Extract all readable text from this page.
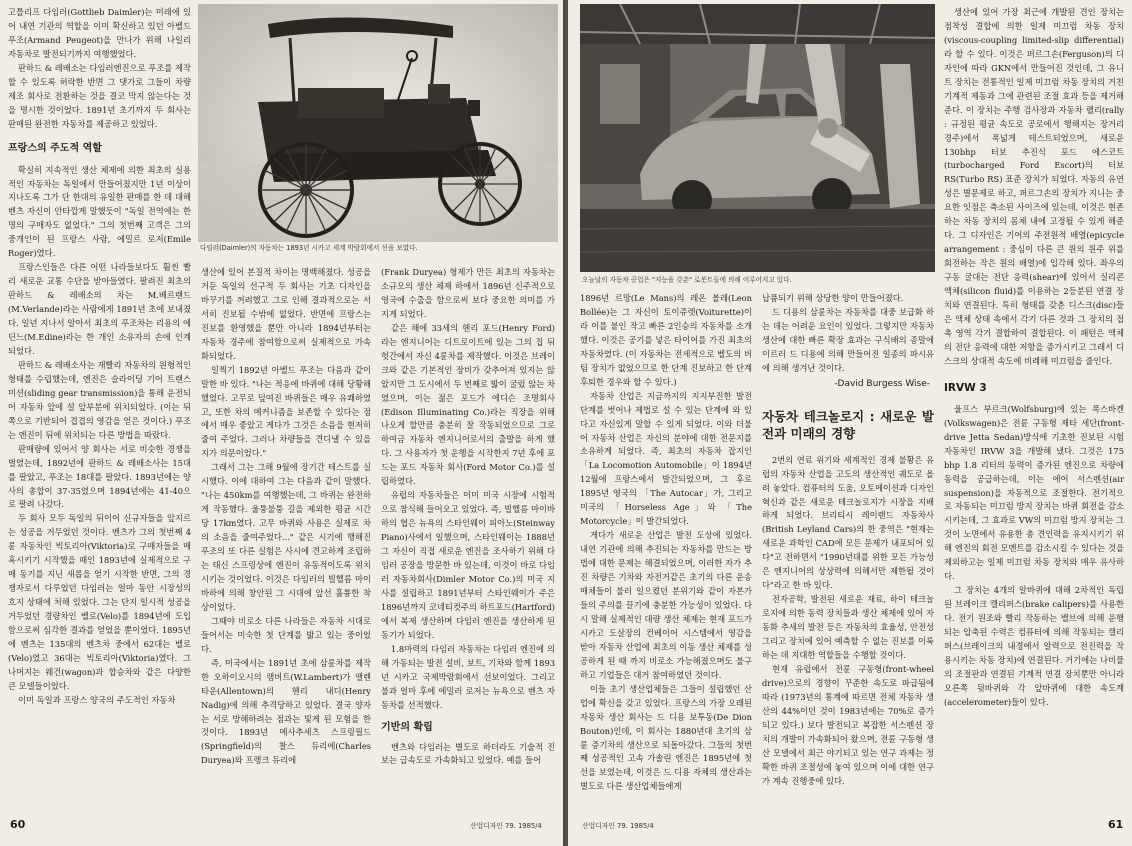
고틀리프 다임러(Gottlieb Daimler)는 미래에 있어 내연 기관의 역할을 이미 확신하고 있던 아벨드 푸조(Armand Peugeot)을 만나가 위해 나일리 자동차로 발전되기까지 여행했었다.

판하드 & 레배소는 다임러엔진으로 푸조를 제작할 수 있도록 허락한 반면 그 댓가로 그들이 차량 제조 회사로 전환하는 것을 결코 막지 않는다는 것을 명시한 것이었다. 1891년 초기까지 두 회사는 판매된 완전한 자동차를 제공하고 있었다.

프랑스의 주도적 역할

확실히 지속적인 생산 체제에 의한 최초의 실용적인 자동차는 독일에서 만들어졌지만 1년 이상이 지나도록 그가 단 한대의 유일한 판매를 한 데 대해 벤츠 자신이 안타깝게 말했듯이 "독일 전역에는 한 명의 구매자도 없었다." 그의 첫번째 고객은 그의 중개인이 된 프랑스 사람, 에밀르 로저(Emile Roger)였다.

프랑스인들은 다른 어떤 나라들보다도 훨씬 빨리 새로운 교통 수단을 받아들였다. 팔려진 최초의 판하드 & 레배소의 차는 M.베르랜드(M.Verlande)라는 사람에게 1891년 초에 보내졌다. 일년 지나서 알아서 최초의 푸조차는 리용의 에딘느(M.Edine)라는 한 개인 소유자의 손에 인계되었다.

판하드 & 레배소사는 재빨리 자동차의 원형적인 형태를 수립했는데, 엔진은 슬라이딩 기어 트랜스미션(sliding gear transmission)을 통해 운전되어 자동차 앞에 설 앞부분에 위치되었다. (이는 뒤쪽으로 기반되어 겹겹의 영감을 얻은 것이다.) 푸조는 엔진이 뒤에 위치되는 다른 방법을 따랐다.

판매량에 있어서 양 회사는 서로 비슷한 경쟁을 벌였는데, 1892년에 판하드 & 레배소사는 15대를 팔았고, 푸조는 18대를 팔았다. 1893년에는 양사의 총합이 37-35였으며 1894년에는 41-40으로 팔려 나갔다.

두 회사 모두 독일의 뒤이어 신규자들을 앞지르는 성공을 거두었던 것이다. 벤츠가 그의 첫번째 4륜 자동차인 빅토리아(Viktoria)로 구매자들을 매혹시키기 시작했을 때인 1893년에 실제적으로 구매 동기를 지닌 새롭을 얻기 시작한 반면, 그의 경쟁자로서 다루었던 다임러는 얼마 동안 시장성의 흐지 상태에 처해 있었다. 그는 단지 일시적 성공을 거두었던 경량차인 벨로(Velo)를 1894년에 도입함으로써 심각한 결과를 얻었을 뿐이었다. 1895년에 벤츠는 135대의 벤츠차 중에서 62대는 벨로(Velo)였고 36대는 빅토리아(Viktoria)였다. 그 나머지는 웨건(wagon)과 합승차와 같은 다양한 큰 모델들이었다.

이미 독일과 프랑스 양국의 주도적인 자동차

다임러(Daimler)의 자동차는 1893년 시카고 세계 박람회에서 선을 보였다.

생산에 있어 본질적 차이는 명백해졌다. 성공을 거둔 독일의 선구적 두 회사는 기초 디자인을 바꾸기를 꺼려했고 그로 인해 결과적으로는 서서히 진보될 수밖에 없었다. 반면에 프랑스는 진보를 환영했을 뿐만 아니라 1894년부터는 자동차 경주에 참여함으로써 실제적으로 가속화되었다.

일찍기 1892년 아벨드 푸조는 다음과 같이 말한 바 있다. "나는 적응에 바퀴에 대해 당황해 했었다. 고무로 덮여진 바퀴들은 매우 유쾌하였고, 또한 차의 메커니즘을 보존할 수 있다는 점에서 매우 좋았고 게다가 그것은 소음을 현저히 줄여 주었다. 그러나 차량들을 견디낼 수 있을지가 의문이었다."

그래서 그는 그해 9월에 장기간 테스트를 실시했다. 이에 대하여 그는 다음과 같이 말했다. "나는 450km를 여행했는데, 그 바퀴는 완전하게 작동했다. 울퉁불퉁 길을 제외한 평균 시간당 17km였다. 고무 바퀴와 사용은 실제로 차의 소음을 줄여주었다..." 같은 시기에 행해진 푸조의 또 다른 실험은 사시에 견고하게 조립하는 태신 스프링상에 엔진이 유동적이도록 위치시키는 것이었다. 이것은 다임러의 빌헬름 마이바하에 의해 창안된 그 시대에 앞선 훌륭한 착상이었다.

그때야 비로소 다른 나라들은 자동차 시대로 들어서는 미숙한 첫 단계를 밟고 있는 중이었다.

즉, 미국에서는 1891년 초에 삼륜차를 제작한 오하이오시의 램버트(W.Lambert)가 앨렌타운(Allentown)의 헨리 내디(Henry Nadig)에 의해 추격당하고 있었다. 결국 양자는 서로 방해하려는 점과는 빛게 된 모험을 한 것이다. 1893년 메사추세츠 스프링필드(Springfield)의 찰스 듀리에(Charles Duryea)와 프랭크 듀리에

(Frank Duryea) 형제가 만든 최초의 자동차는 소규모의 생산 체제 하에서 1896년 신주적으로 영국에 수출을 함으로써 보다 중요한 의미를 가지게 되었다.

같은 해에 33세의 헨리 포드(Henry Ford)라는 엔지니어는 디트로이트에 있는 그의 집 뒤 헛간에서 자신 4륜차를 제작했다. 이것은 브레이크와 같은 기본적인 장비가 갖추어져 있지는 않았지만 그 도시에서 두 번째로 밟이 굴렀 않는 차였으며, 이는 젊은 포드가 에디슨 조명회사(Edison Illuminating Co.)라는 직장을 위해 나오게 할만큼 충분히 잘 작동되었으므로 그로 하여금 자동차 엔지니어로서의 출발을 하게 했다. 그 사용자가 첫 운행을 시작한지 7년 후에 포드는 포드 자동차 회사(Ford Motor Co.)를 설립하였다.

유럽의 자동차들은 이미 미국 시장에 시험적으로 참식해 들어오고 있었다. 즉, 빌헬름 마이바하의 협은 뉴욕의 스타인웨이 피아노(Steinway Piano)사에서 일했으며, 스타인웨이는 1888년 그 자신이 직접 새로운 엔진을 조사하기 위해 다임러 공장을 방문한 바 있는데, 이것이 바로 다임러 자동차회사(Dimler Motor Co.)의 미국 지사를 설립하고 1891년부터 스타인웨이가 주은 1896년까지 코네티컷주의 하트포드(Hartford)에서 복제 생산하며 다임러 엔진을 생산하게 된 동기가 되었다.

1.8마력의 다임러 자동차는 다임러 엔진에 의해 가동되는 발전 설비, 보트, 기차와 함께 1893년 시카고 국제박람회에서 선보이었다. 그리고 불과 얼마 후에 에밀러 로저는 뉴욕으로 벤츠 자동차를 선적했다.

기반의 확립

벤츠와 다임러는 별도로 하더라도 기술적 진보는 급속도로 가속화되고 있었다. 예를 들어

60	산업디자인 79. 1985/4
오늘날의 자동차 공업은 "지능을 갖춘" 로봇트들에 의해 이루어지고 있다.

1896년 르망(Le Mans)의 레온 볼레(Leon Bollée)는 그 자신이 토이쥬렛(Voiturette)이라 이를 붙인 작고 빠른 2인승의 자동차를 소개했다. 이것은 공기를 넣은 타이어를 가진 최초의 자동차였다. (이 자동차는 전세적으로 벨도의 버팀 장치가 없었으므로 한 단계 진보하고 한 단계 후퇴한 경우와 할 수 있다.)

자동차 산업은 지금까지의 지지부진한 발전 단계를 벗어나 제법로 설 수 있는 단계에 와 있다고 자신있게 말할 수 있게 되었다. 이와 더불어 자동차 산업은 자신의 분야에 대한 전문지를 소유하게 되었다. 즉, 최초의 자동차 잡지인 「La Locomotion Automobile」이 1894년 12월에 프랑스에서 발간되었으며, 그 후로 1895년 영국의 「The Autocar」가, 그리고 미국의 「Horseless Age」와 「The Motorcycle」이 발간되었다.

게다가 새로운 산업은 발전 도상에 있었다. 내연 기관에 의해 추진되는 자동차를 만드는 방법에 대한 문제는 해결되었으며, 이러한 자가 추진 차량은 기차와 자전거같은 초기의 다른 운송 매체들이 불러 일으켰던 분위기와 같이 자본가들의 주의를 끌기에 충분한 가능성이 있었다. 다시 말해 실제적인 대량 생산 체제는 현재 포드가 시카고 도살장의 컨베이어 시스템에서 영감을 받아 자동차 산업에 최초의 이동 생산 체제를 성공하게 된 때 까지 비로소 가능해졌으며도 불구하고 기업들은 대거 참여하였던 것이다.

이들 초기 생산업체들은 그들이 설립했던 산업에 확신을 갖고 있었다. 프랑스의 가장 오래된 자동차 생산 회사는 드 디용 보투동(De Dion Bouton)인데, 이 회사는 1880년대 초기의 삼륜 증기차의 생산으로 되돌아갔다. 그들의 첫번째 성공적인 고속 가솔린 엔진은 1895년에 첫선을 보였는데, 이것은 드 디용 자체의 생산과는 별도로 다른 생산업체들에게

납품되기 위해 상당한 양이 만들어졌다.

드 디용의 삼륜차는 자동차를 대중 보급화 하는 데는 어려운 요인이 있었다. 그렇지만 자동차 생산에 대한 빠른 확장 효과는 구식배의 종말에 이르러 드 디용에 의해 만들어진 일종의 파시유에 의해 생겨난 것이다.

-David Burgess Wise-
자동차 테크놀로지 : 새로운 발전과 미래의 경향

2번의 연료 위기와 세계적인 경제 불황은 유럽의 자동차 산업을 고도의 생산적인 궤도로 올려 놓았다. 컴퓨터의 도움, 오토메이션과 디자인 혁신과 같은 새로운 테크놀로지가 시장을 지배하게 되었다. 브리티시 레이랜드 자동차사(British Leyland Cars)의 한 중역은 "현재는 새로운 과학인 CAD에 모든 문제가 내포되어 있다"고 전하면서 "1990년대를 위한 모든 가능성은 엔지니어의 상상력에 의해서만 제한될 것이다"라고 한 바 있다.

전자공학, 발전된 새로운 재료, 하이 테크놀로지에 의한 동력 장치들과 생산 체제에 있어 자동화 추세의 발전 등은 자동차의 효율성, 안전성 그리고 장치에 있어 예측할 수 없는 진보를 이룩하는 데 지대한 역할들을 수행할 것이다.

현재 유럽에서 전륜 구동형(front-wheel drive)으로의 경향이 꾸준한 속도로 파급됨에 따라 (1973년의 통계에 따르면 전체 자동차 생산의 44%이던 것이 1983년에는 70%로 증가되고 있다.) 보다 발전되고 복잡한 서스펜션 장치의 개발이 가속화되어 왔으며, 전륜 구동형 생산 모델에서 최근 야기되고 있는 연구 과제는 정확한 바퀴 조절성에 놓여 있으며 이에 대한 연구가 계속 진행중에 있다.

생산에 있어 가장 최근에 개발된 견인 장치는 점착성 결합에 의한 일제 미끄럼 차동 장치(viscous-coupling limited-slip differential)라 할 수 있다. 이것은 퍼르그손(Ferguson)의 디자인에 따라 GKN에서 만들어진 것인데, 그 유니트 장치는 전통적인 일제 미끄럼 차동 장치의 거친 기계적 제동과 그에 관련된 조절 효과 등을 제거해 준다. 이 장치는 주행 검사장과 자동차 랠리(rally : 규정된 평균 속도로 공로에서 행해지는 장거리 경주)에서 폭넓게 테스트되었으며, 새로운 130bhp 터보 추진식 포드 에스코트(turbocharged Ford Escort)의 터보 RS(Turbo RS) 표준 장치가 되었다. 자동의 유연성은 별문제로 하고, 퍼르그손의 장치가 지니는 중요한 잇점은 축소된 사이즈에 있는데, 이것은 현존하는 차동 장치의 몸체 내에 고정될 수 있게 해준다. 그 디자인은 기어의 주전원적 배열(epicycle arrangement : 중심이 다른 큰 원의 원주 위를 회전하는 작은 원의 배열)에 입각해 있다. 좌우의 구동 굴대는 전단 응력(shear)에 있어서 실리콘 액체(silicon fluid)를 이용하는 2등분된 연결 장치와 연결된다. 특히 형태를 갖춘 디스크(disc)들은 액체 상태 속에서 각기 다른 것과 그 장치의 접촉 영역 각기 결합하여 결합된다. 이 패턴은 액체의 전단 응력에 대한 저항을 증가시키고 그래서 디스크의 상대적 속도에 비례해 미끄럼을 줄인다.

IRVW 3

울프스 부르크(Wolfsburg)에 있는 폭스바겐(Volkswagen)은 전륜 구동형 제타 세단(front-drive Jetta Sedan)방식에 기초한 진보된 시험 자동차인 IRVW 3을 개발해 냈다. 그것은 175 bhp 1.8 리터의 동력이 증가된 엔진으로 차량에 동력을 공급하는데, 이는 에어 서스펜션(air suspension)을 자동적으로 조절한다. 전기적으로 자동되는 미끄럼 방지 장치는 바퀴 회전을 감소시키는데, 그 효과로 VW의 미끄럼 방지 장치는 그것이 노면에서 유용한 총 견인력을 유지시키기 위해 엔진의 회전 모멘트를 감소시킬 수 있다는 것을 제외하고는 일제 미끄럼 차동 장치와 매우 유사하다.

그 장치는 4개의 알바퀴에 대해 2차적인 독립된 브레이크 캘리퍼스(brake calipers)를 사용한다. 전기 원조와 빨리 작동하는 밸브에 의해 운행되는 압축된 수력은 컴퓨터에 의해 작동되는 캘리퍼스(브레이크의 내경에서 알력으로 전진력을 작용시키는 차동 장치)에 연결된다. 거기에는 나비풀의 조절판과 연결된 기계적 연결 장치뿐만 아니라 오른쪽 뒷바퀴와 각 앞바퀴에 대한 속도계(accelerometer)들이 있다.

산업디자인 79. 1985/4	61
